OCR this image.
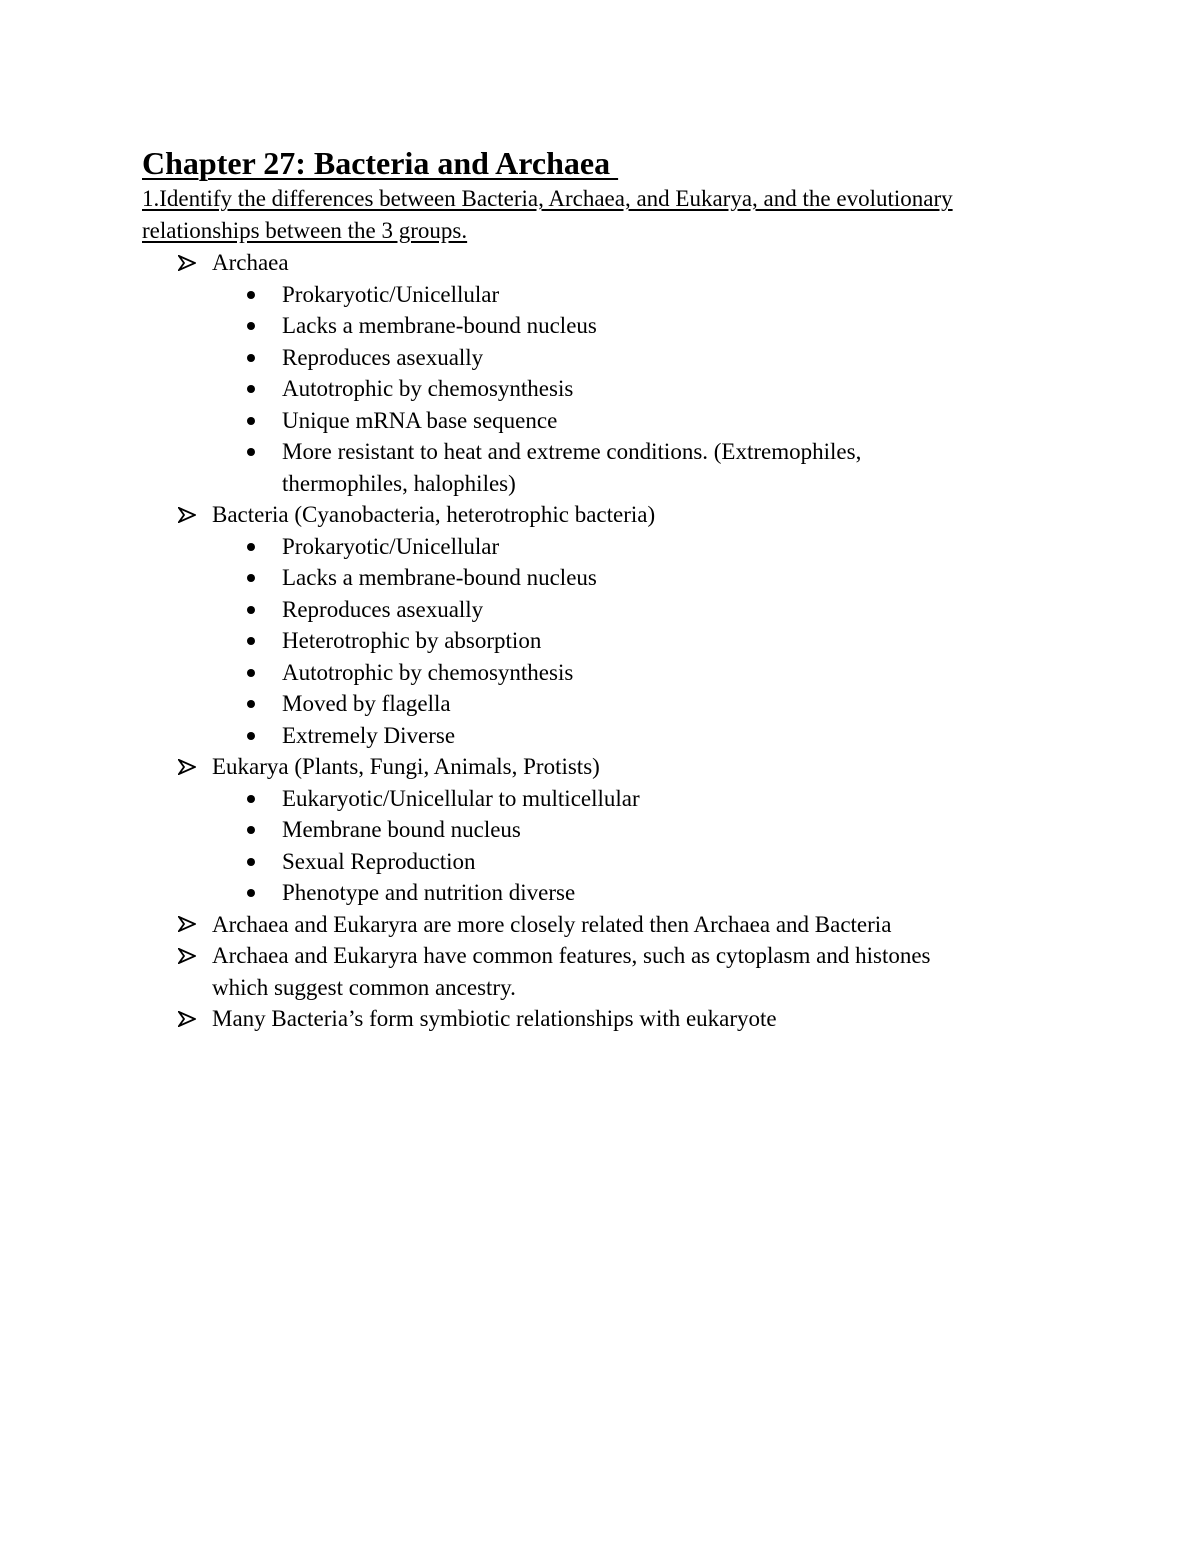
Chapter 27: Bacteria and Archaea

1.Identify the differences between Bacteria, Archaea, and Eukarya, and the evolutionary relationships between the 3 groups.

Archaea
Prokaryotic/Unicellular
Lacks a membrane-bound nucleus
Reproduces asexually
Autotrophic by chemosynthesis
Unique mRNA base sequence
More resistant to heat and extreme conditions. (Extremophiles, thermophiles, halophiles)
Bacteria (Cyanobacteria, heterotrophic bacteria)
Prokaryotic/Unicellular
Lacks a membrane-bound nucleus
Reproduces asexually
Heterotrophic by absorption
Autotrophic by chemosynthesis
Moved by flagella
Extremely Diverse
Eukarya (Plants, Fungi, Animals, Protists)
Eukaryotic/Unicellular to multicellular
Membrane bound nucleus
Sexual Reproduction
Phenotype and nutrition diverse
Archaea and Eukaryra are more closely related then Archaea and Bacteria
Archaea and Eukaryra have common features, such as cytoplasm and histones which suggest common ancestry.
Many Bacteria’s form symbiotic relationships with eukaryote
